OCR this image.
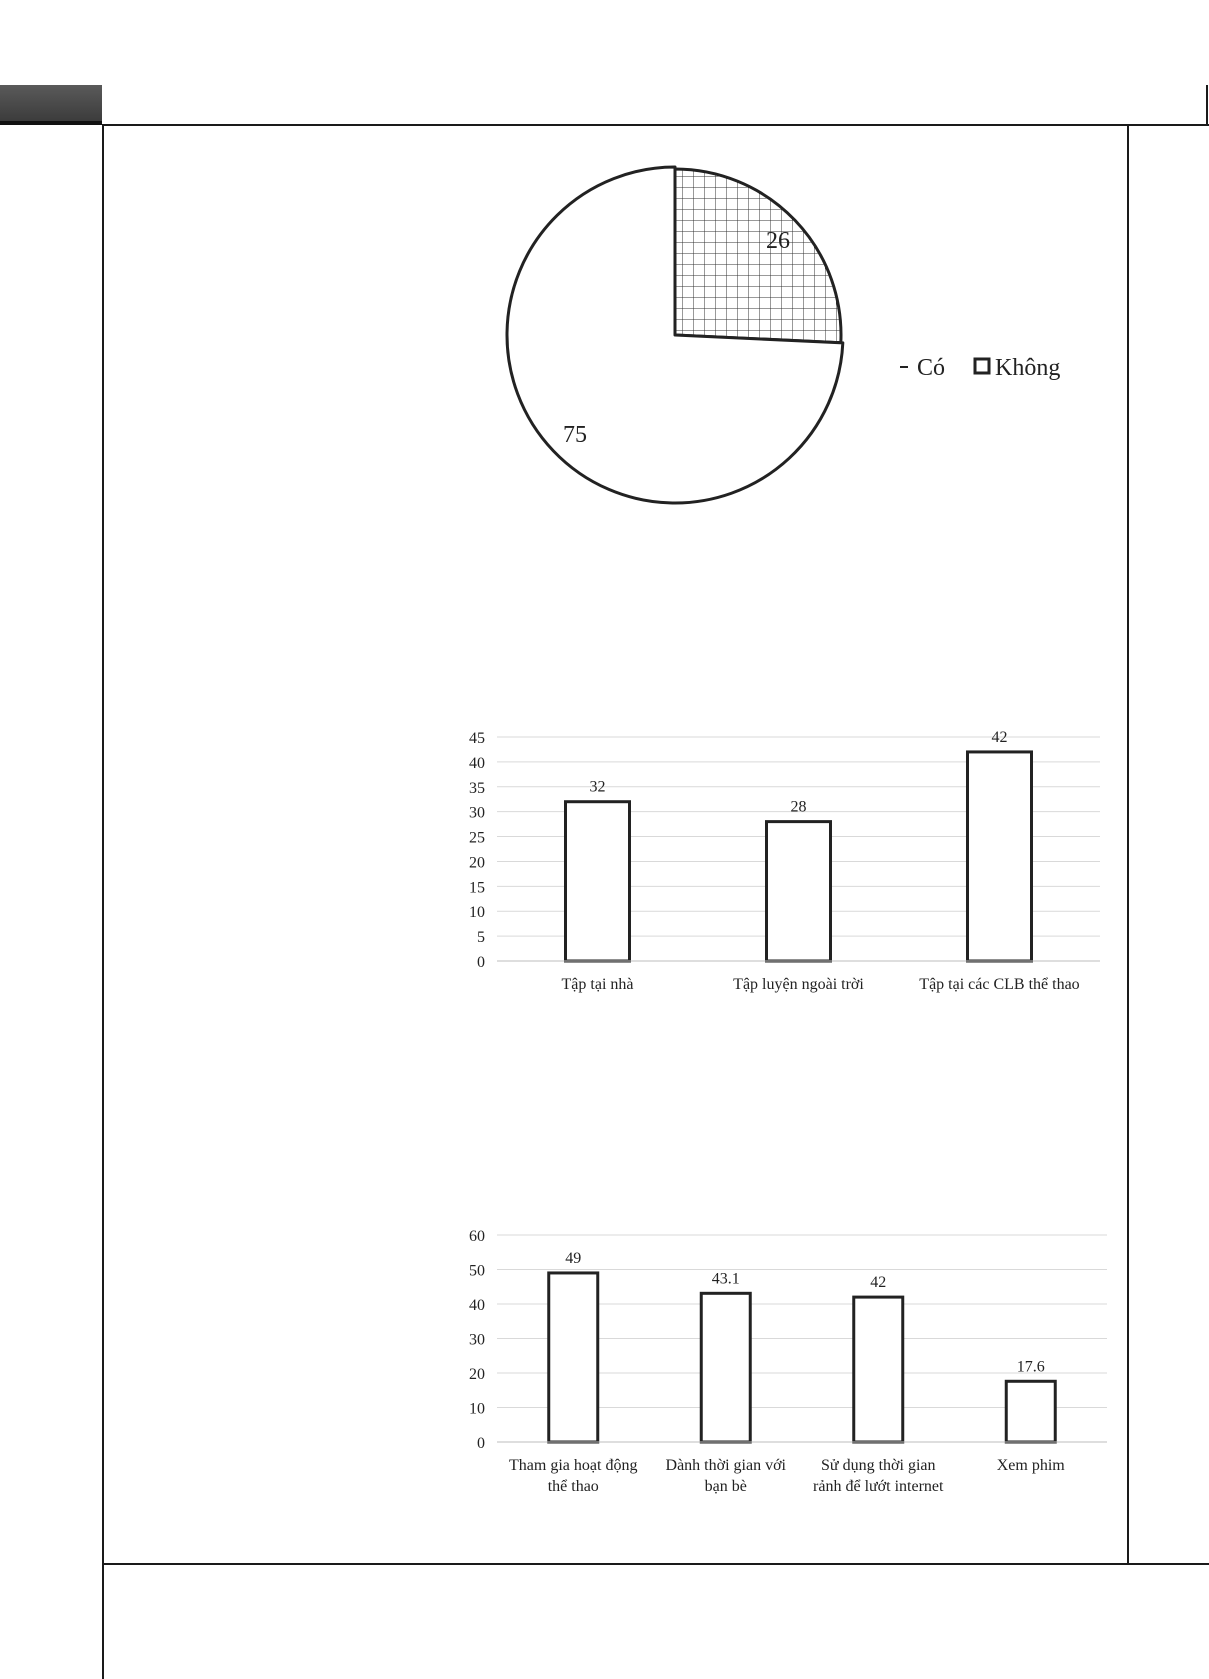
26
75
Có Không
0
5
10
15
20
25
30
35
40
45
32
Tập tại nhà
28
Tập luyện ngoài trời
42
Tập tại các CLB thể thao
0
10
20
30
40
50
60
49
Tham gia hoạt động
thể thao
43.1
Dành thời gian với
bạn bè
42
Sử dụng thời gian
rảnh để lướt internet
17.6
Xem phim
